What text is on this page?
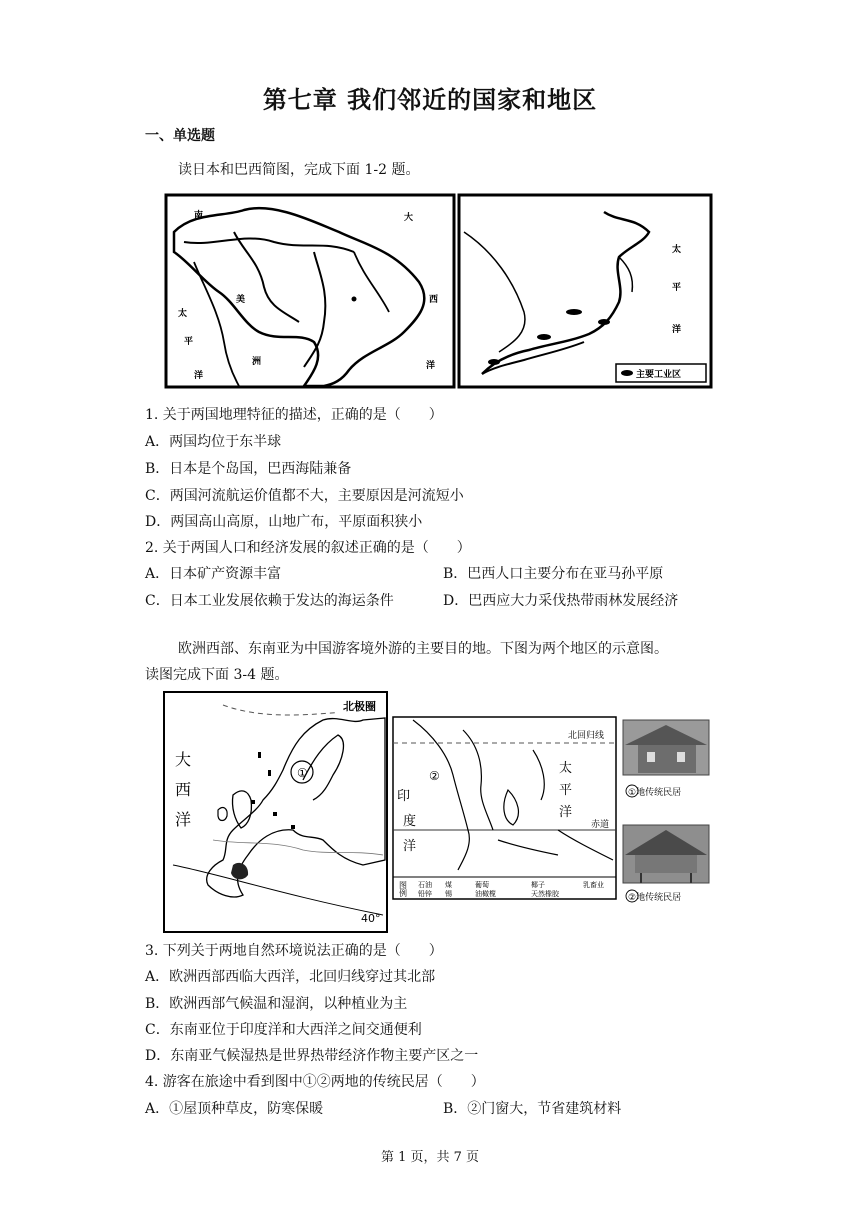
第七章 我们邻近的国家和地区
一、单选题
读日本和巴西简图，完成下面 1-2 题。
南	大
美
太
平
洲
洋
西
洋
太
平
洋
主要工业区
1. 关于两国地理特征的描述，正确的是（　　）
A．两国均位于东半球
B．日本是个岛国，巴西海陆兼备
C．两国河流航运价值都不大，主要原因是河流短小
D．两国高山高原，山地广布，平原面积狭小
2. 关于两国人口和经济发展的叙述正确的是（　　）
A．日本矿产资源丰富	B．巴西人口主要分布在亚马孙平原
C．日本工业发展依赖于发达的海运条件	D．巴西应大力采伐热带雨林发展经济
欧洲西部、东南亚为中国游客境外游的主要目的地。下图为两个地区的示意图。
读图完成下面 3-4 题。
①
北极圈
大
西
洋
40°
北回归线
②	太
平
洋
印
度
洋
赤道
图
例
石油 煤	葡萄	椰子	乳畜业
铅锌 锡	油橄榄	天然橡胶
①地传统民居
②地传统民居
3. 下列关于两地自然环境说法正确的是（　　）
A．欧洲西部西临大西洋，北回归线穿过其北部
B．欧洲西部气候温和湿润，以种植业为主
C．东南亚位于印度洋和大西洋之间交通便利
D．东南亚气候湿热是世界热带经济作物主要产区之一
4. 游客在旅途中看到图中①②两地的传统民居（　　）
A．①屋顶种草皮，防寒保暖	B．②门窗大，节省建筑材料
第 1 页，共 7 页
